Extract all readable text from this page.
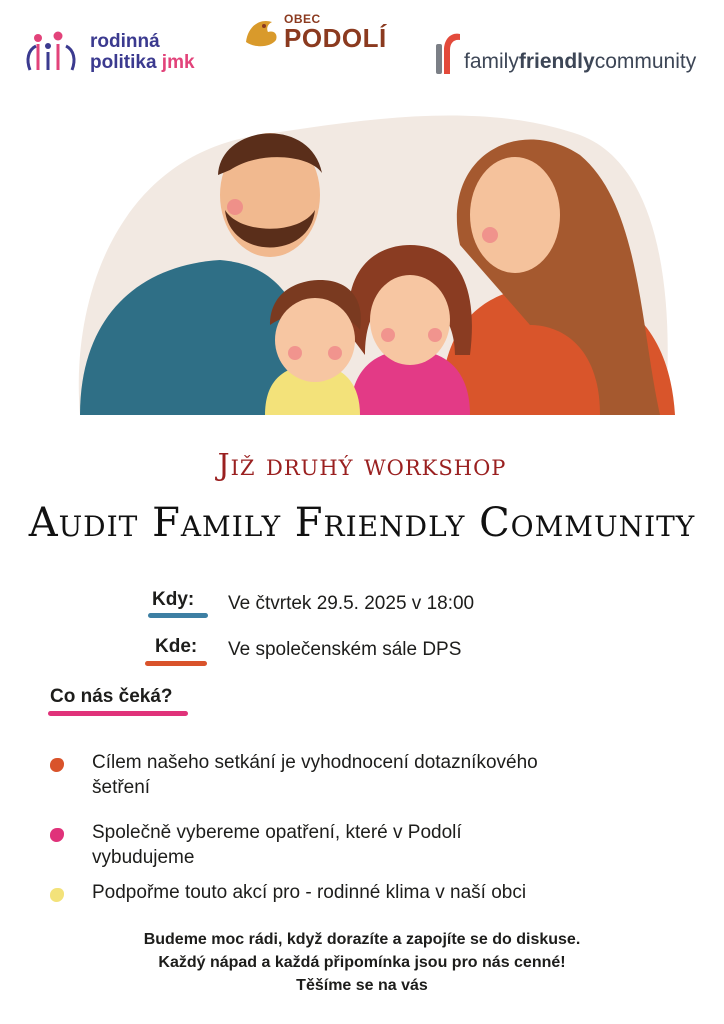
rodinná
politika jmk
OBEC
PODOLÍ
familyfriendlycommunity
Již druhý workshop
Audit Family Friendly Community
Kdy: Ve čtvrtek 29.5. 2025 v 18:00
Kde: Ve společenském sále DPS
Co nás čeká?
Cílem našeho setkání je vyhodnocení dotazníkového
šetření
Společně vybereme opatření, které v Podolí
vybudujeme
Podpořme touto akcí pro - rodinné klima v naší obci
Budeme moc rádi, když dorazíte a zapojíte se do diskuse.
Každý nápad a každá připomínka jsou pro nás cenné!
Těšíme se na vás
